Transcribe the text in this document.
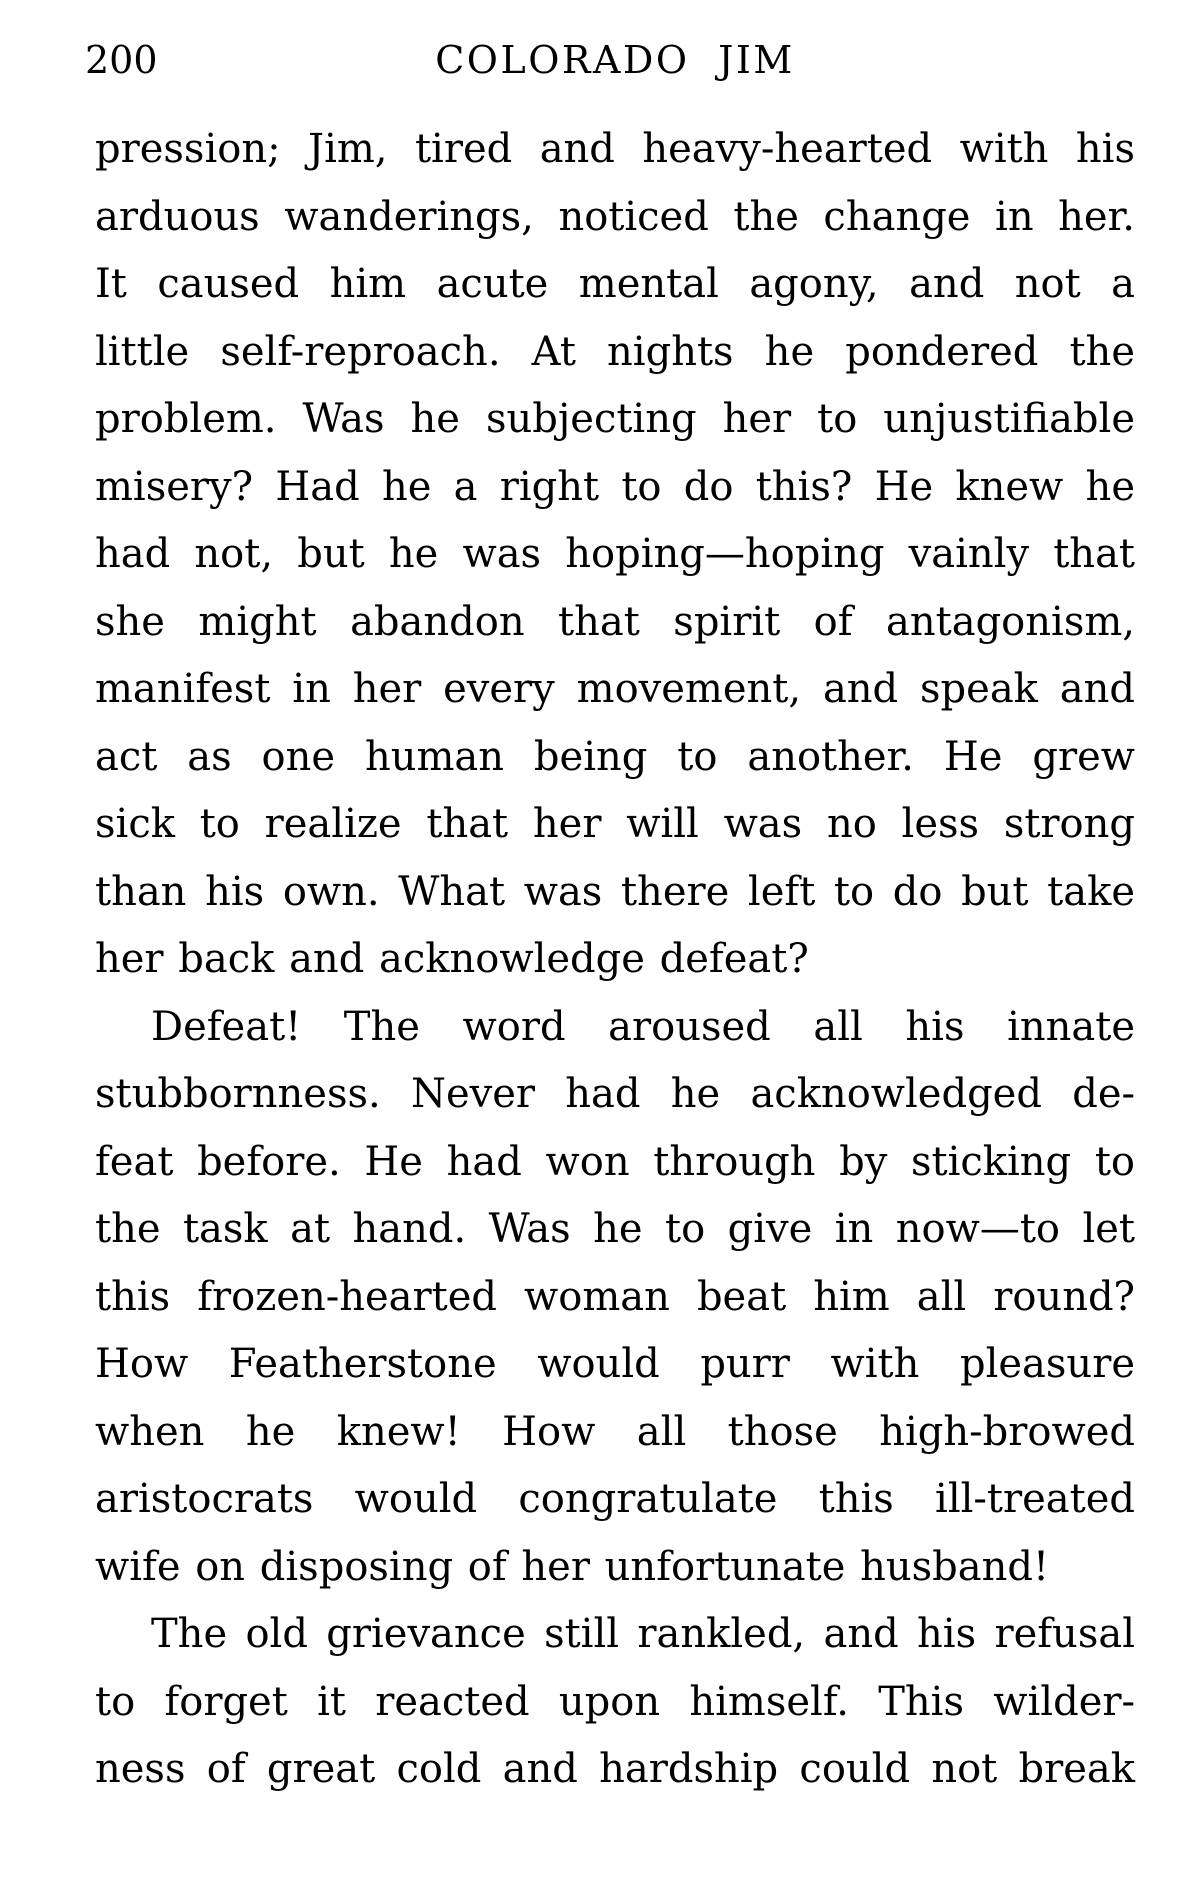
200	COLORADO JIM
pression; Jim, tired and heavy-hearted with his
arduous wanderings, noticed the change in her.
It caused him acute mental agony, and not a
little self-reproach. At nights he pondered the
problem. Was he subjecting her to unjustifiable
misery? Had he a right to do this? He knew he
had not, but he was hoping—hoping vainly that
she might abandon that spirit of antagonism,
manifest in her every movement, and speak and
act as one human being to another. He grew
sick to realize that her will was no less strong
than his own. What was there left to do but take
her back and acknowledge defeat?
Defeat! The word aroused all his innate
stubbornness. Never had he acknowledged de-
feat before. He had won through by sticking to
the task at hand. Was he to give in now—to let
this frozen-hearted woman beat him all round?
How Featherstone would purr with pleasure
when he knew! How all those high-browed
aristocrats would congratulate this ill-treated
wife on disposing of her unfortunate husband!
The old grievance still rankled, and his refusal
to forget it reacted upon himself. This wilder-
ness of great cold and hardship could not break
